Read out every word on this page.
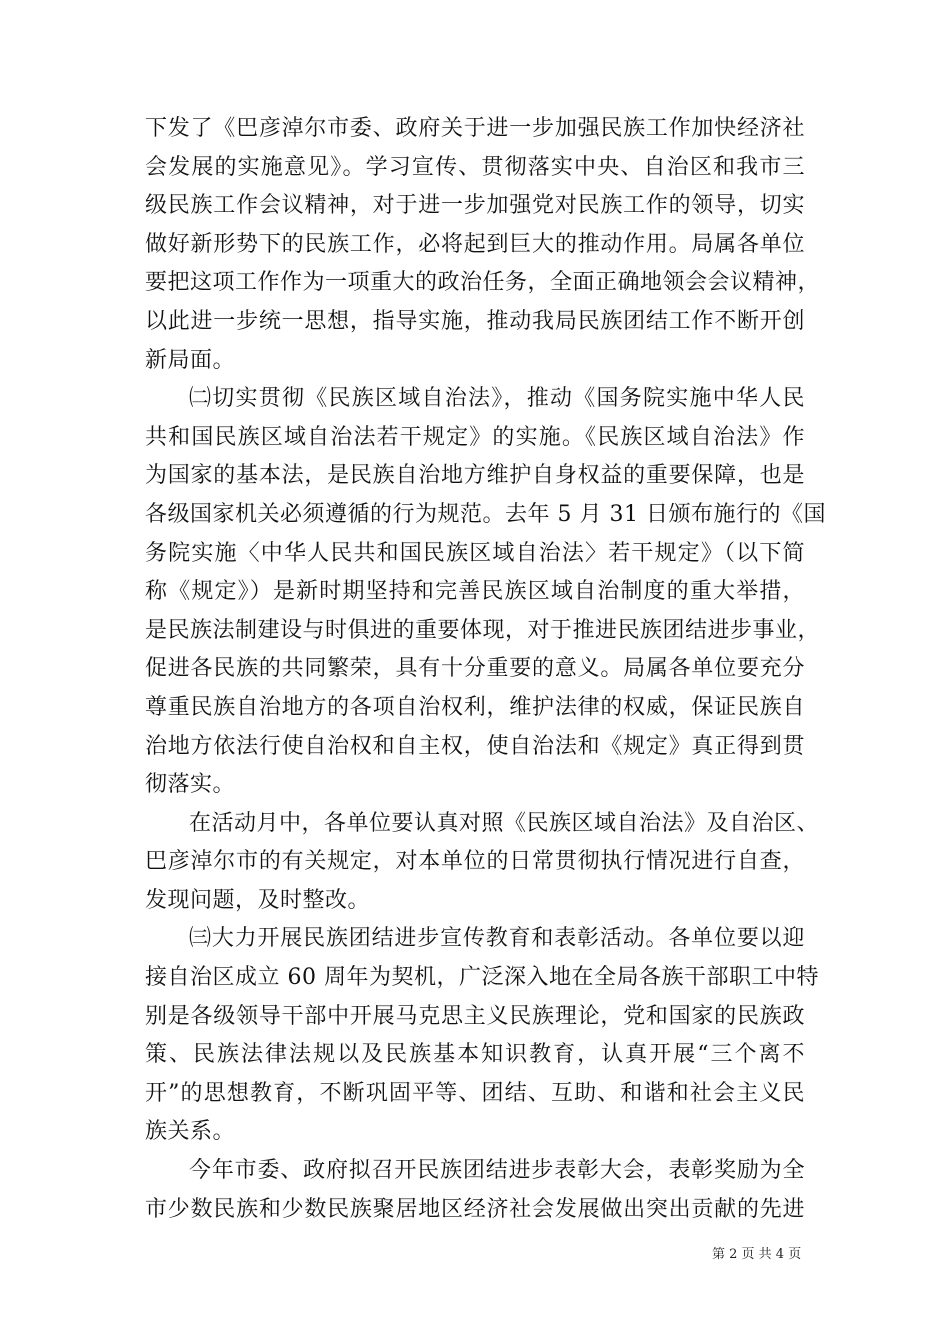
下发了《巴彦淖尔市委、政府关于进一步加强民族工作加快经济社
会发展的实施意见》。学习宣传、贯彻落实中央、自治区和我市三
级民族工作会议精神，对于进一步加强党对民族工作的领导，切实
做好新形势下的民族工作，必将起到巨大的推动作用。局属各单位
要把这项工作作为一项重大的政治任务，全面正确地领会会议精神，
以此进一步统一思想，指导实施，推动我局民族团结工作不断开创
新局面。
㈡切实贯彻《民族区域自治法》，推动《国务院实施中华人民
共和国民族区域自治法若干规定》的实施。《民族区域自治法》作
为国家的基本法，是民族自治地方维护自身权益的重要保障，也是
各级国家机关必须遵循的行为规范。去年 5 月 31 日颁布施行的《国
务院实施〈中华人民共和国民族区域自治法〉若干规定》（以下简
称《规定》）是新时期坚持和完善民族区域自治制度的重大举措，
是民族法制建设与时俱进的重要体现，对于推进民族团结进步事业，
促进各民族的共同繁荣，具有十分重要的意义。局属各单位要充分
尊重民族自治地方的各项自治权利，维护法律的权威，保证民族自
治地方依法行使自治权和自主权，使自治法和《规定》真正得到贯
彻落实。
在活动月中，各单位要认真对照《民族区域自治法》及自治区、
巴彦淖尔市的有关规定，对本单位的日常贯彻执行情况进行自查，
发现问题，及时整改。
㈢大力开展民族团结进步宣传教育和表彰活动。各单位要以迎
接自治区成立 60 周年为契机，广泛深入地在全局各族干部职工中特
别是各级领导干部中开展马克思主义民族理论，党和国家的民族政
策、民族法律法规以及民族基本知识教育，认真开展“三个离不
开”的思想教育，不断巩固平等、团结、互助、和谐和社会主义民
族关系。
今年市委、政府拟召开民族团结进步表彰大会，表彰奖励为全
市少数民族和少数民族聚居地区经济社会发展做出突出贡献的先进
第 2 页 共 4 页
